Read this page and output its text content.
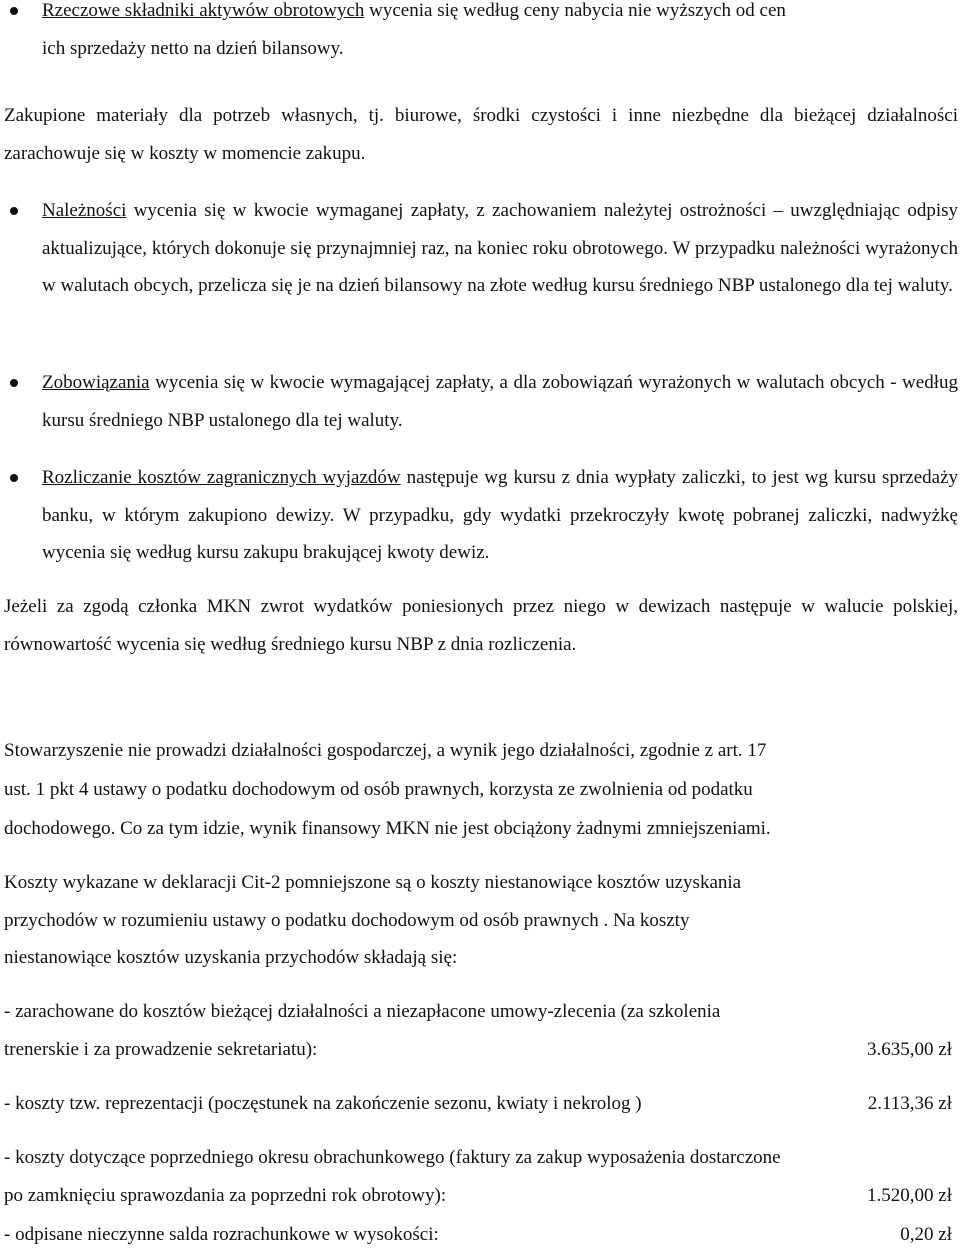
Rzeczowe składniki aktywów obrotowych wycenia się według ceny nabycia nie wyższych od cen
ich sprzedaży netto na dzień bilansowy.

Zakupione materiały dla potrzeb własnych, tj. biurowe, środki czystości i inne niezbędne dla bieżącej działalności zarachowuje się w koszty w momencie zakupu.

Należności wycenia się w kwocie wymaganej zapłaty, z zachowaniem należytej ostrożności – uwzględniając odpisy aktualizujące, których dokonuje się przynajmniej raz, na koniec roku obrotowego. W przypadku należności wyrażonych w walutach obcych, przelicza się je na dzień bilansowy na złote według kursu średniego NBP ustalonego dla tej waluty.
Zobowiązania wycenia się w kwocie wymagającej zapłaty, a dla zobowiązań wyrażonych w walutach obcych - według kursu średniego NBP ustalonego dla tej waluty.
Rozliczanie kosztów zagranicznych wyjazdów następuje wg kursu z dnia wypłaty zaliczki, to jest wg kursu sprzedaży banku, w którym zakupiono dewizy. W przypadku, gdy wydatki przekroczyły kwotę pobranej zaliczki, nadwyżkę wycenia się według kursu zakupu brakującej kwoty dewiz.

Jeżeli za zgodą członka MKN zwrot wydatków poniesionych przez niego w dewizach następuje w walucie polskiej, równowartość wycenia się według średniego kursu NBP z dnia rozliczenia.

Stowarzyszenie nie prowadzi działalności gospodarczej, a wynik jego działalności, zgodnie z art. 17

ust. 1 pkt 4 ustawy o podatku dochodowym od osób prawnych, korzysta ze zwolnienia od podatku

dochodowego. Co za tym idzie, wynik finansowy MKN nie jest obciążony żadnymi zmniejszeniami.

Koszty wykazane w deklaracji Cit-2 pomniejszone są o koszty niestanowiące kosztów uzyskania

przychodów w rozumieniu ustawy o podatku dochodowym od osób prawnych . Na koszty

niestanowiące kosztów uzyskania przychodów składają się:

- zarachowane do kosztów bieżącej działalności a niezapłacone umowy-zlecenia (za szkolenia
trenerskie i za prowadzenie sekretariatu):	3.635,00 zł
- koszty tzw. reprezentacji (poczęstunek na zakończenie sezonu, kwiaty i nekrolog )	2.113,36 zł
- koszty dotyczące poprzedniego okresu obrachunkowego (faktury za zakup wyposażenia dostarczone
po zamknięciu sprawozdania za poprzedni rok obrotowy):	1.520,00 zł
- odpisane nieczynne salda rozrachunkowe w wysokości:	0,20 zł
